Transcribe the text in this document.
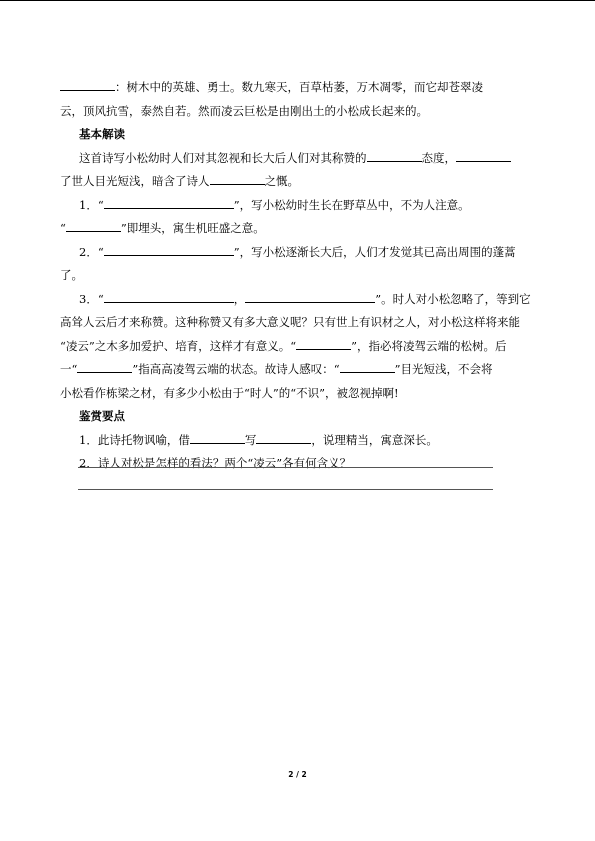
：树木中的英雄、勇士。数九寒天，百草枯萎，万木凋零，而它却苍翠凌

云，顶风抗雪，泰然自若。然而凌云巨松是由刚出土的小松成长起来的。

基本解读

这首诗写小松幼时人们对其忽视和长大后人们对其称赞的	态度，

了世人目光短浅，暗含了诗人	之慨。

1．“	”，写小松幼时生长在野草丛中，不为人注意。

“	”即埋头，寓生机旺盛之意。

2．“	”，写小松逐渐长大后，人们才发觉其已高出周围的蓬蒿

了。

3．“	，	”。时人对小松忽略了，等到它

高耸人云后才来称赞。这种称赞又有多大意义呢？只有世上有识材之人，对小松这样将来能

“凌云”之木多加爱护、培育，这样才有意义。“	”，指必将凌驾云端的松树。后

一“	”指高高凌驾云端的状态。故诗人感叹：“	”目光短浅，不会将

小松看作栋梁之材，有多少小松由于“时人”的“不识”，被忽视掉啊!

鉴赏要点

1．此诗托物讽喻，借	写	，说理精当，寓意深长。

2．诗人对松是怎样的看法？两个“凌云”各有何含义？

2 / 2
